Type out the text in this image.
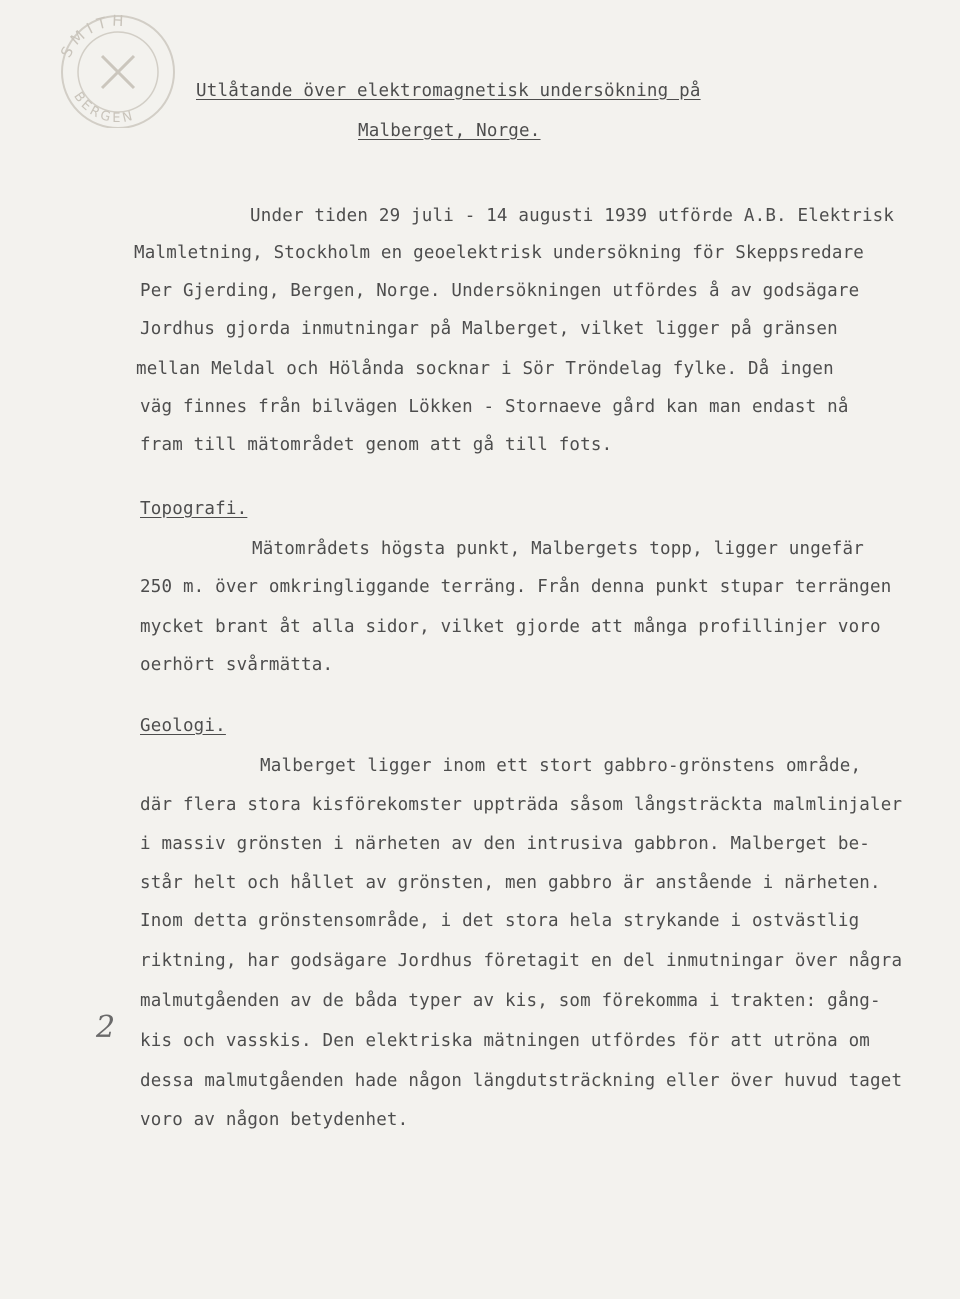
SMITH
BERGEN
Utlåtande över elektromagnetisk undersökning på
Malberget, Norge.
Under tiden 29 juli - 14 augusti 1939 utförde A.B. Elektrisk
Malmletning, Stockholm en geoelektrisk undersökning för Skeppsredare
Per Gjerding, Bergen, Norge. Undersökningen utfördes å av godsägare
Jordhus gjorda inmutningar på Malberget, vilket ligger på gränsen
mellan Meldal och Hölånda socknar i Sör Tröndelag fylke. Då ingen
väg finnes från bilvägen Lökken - Stornaeve gård kan man endast nå
fram till mätområdet genom att gå till fots.
Topografi.
Mätområdets högsta punkt, Malbergets topp, ligger ungefär
250 m. över omkringliggande terräng. Från denna punkt stupar terrängen
mycket brant åt alla sidor, vilket gjorde att många profillinjer voro
oerhört svårmätta.
Geologi.
Malberget ligger inom ett stort gabbro-grönstens område,
där flera stora kisförekomster uppträda såsom långsträckta malmlinjaler
i massiv grönsten i närheten av den intrusiva gabbron. Malberget be-
står helt och hållet av grönsten, men gabbro är anstående i närheten.
Inom detta grönstensområde, i det stora hela strykande i ostvästlig
riktning, har godsägare Jordhus företagit en del inmutningar över några
malmutgåenden av de båda typer av kis, som förekomma i trakten: gång-
kis och vasskis. Den elektriska mätningen utfördes för att utröna om
dessa malmutgåenden hade någon längdutsträckning eller över huvud taget
voro av någon betydenhet.
2
